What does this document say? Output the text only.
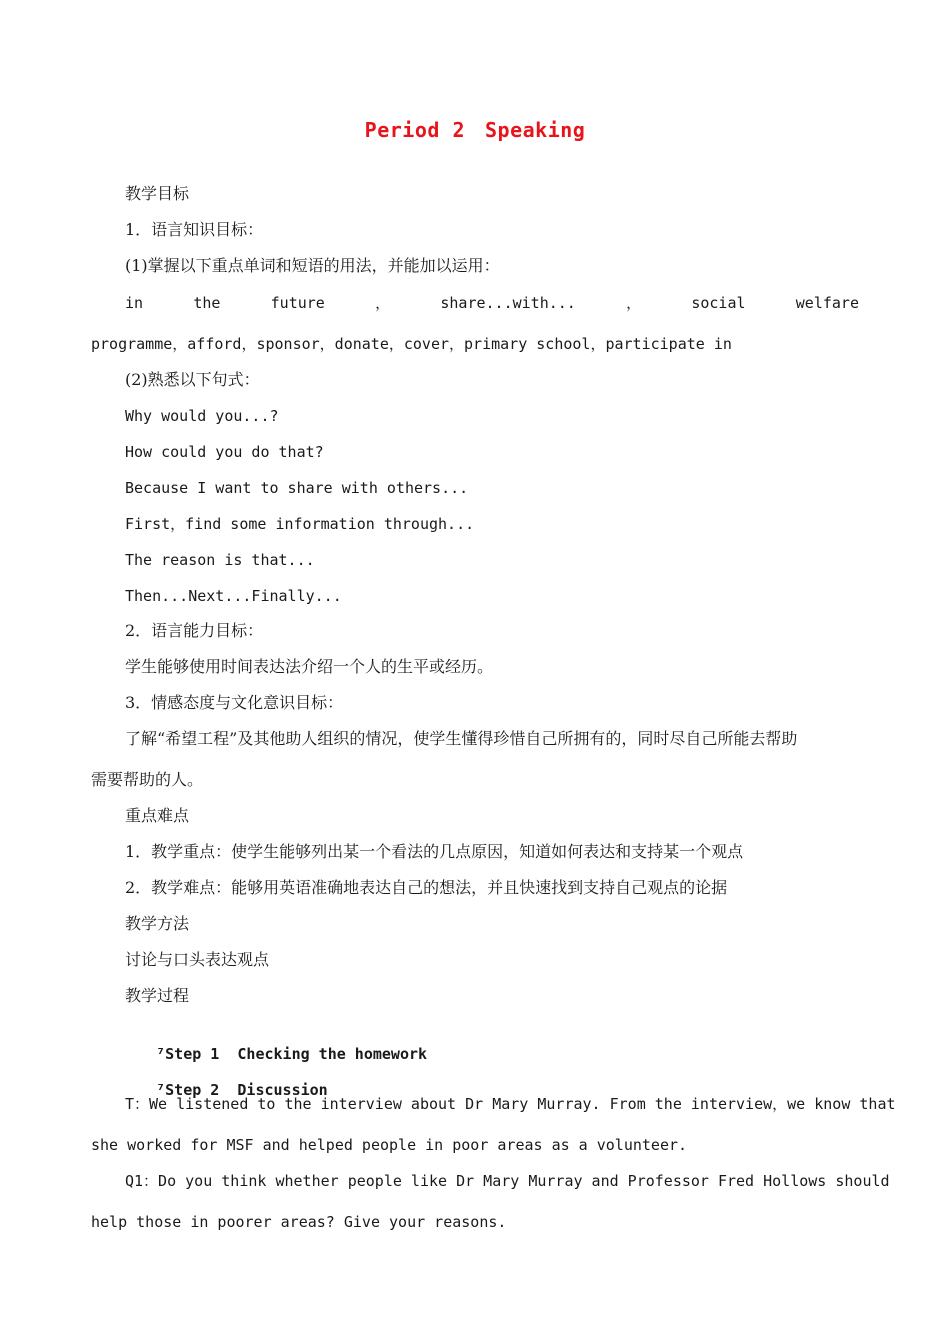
Period 2 Speaking
教学目标
1．语言知识目标：
(1)掌握以下重点单词和短语的用法，并能加以运用：
in	the	future	，	share...with...	，	social	welfare
programme，afford，sponsor，donate，cover，primary school，participate in
(2)熟悉以下句式：
Why would you...?
How could you do that?
Because I want to share with others...
First，find some information through...
The reason is that...
Then...Next...Finally...
2．语言能力目标：
学生能够使用时间表达法介绍一个人的生平或经历。
3．情感态度与文化意识目标：
了解“希望工程”及其他助人组织的情况，使学生懂得珍惜自己所拥有的，同时尽自己所能去帮助
需要帮助的人。
重点难点
1．教学重点：使学生能够列出某一个看法的几点原因，知道如何表达和支持某一个观点
2．教学难点：能够用英语准确地表达自己的想法，并且快速找到支持自己观点的论据
教学方法
讨论与口头表达观点
教学过程

⁷Step 1  Checking the homework

⁷Step 2  Discussion

T：We listened to the interview about Dr Mary Murray. From the interview，we know that
she worked for MSF and helped people in poor areas as a volunteer.
Q1：Do you think whether people like Dr Mary Murray and Professor Fred Hollows should
help those in poorer areas? Give your reasons.
